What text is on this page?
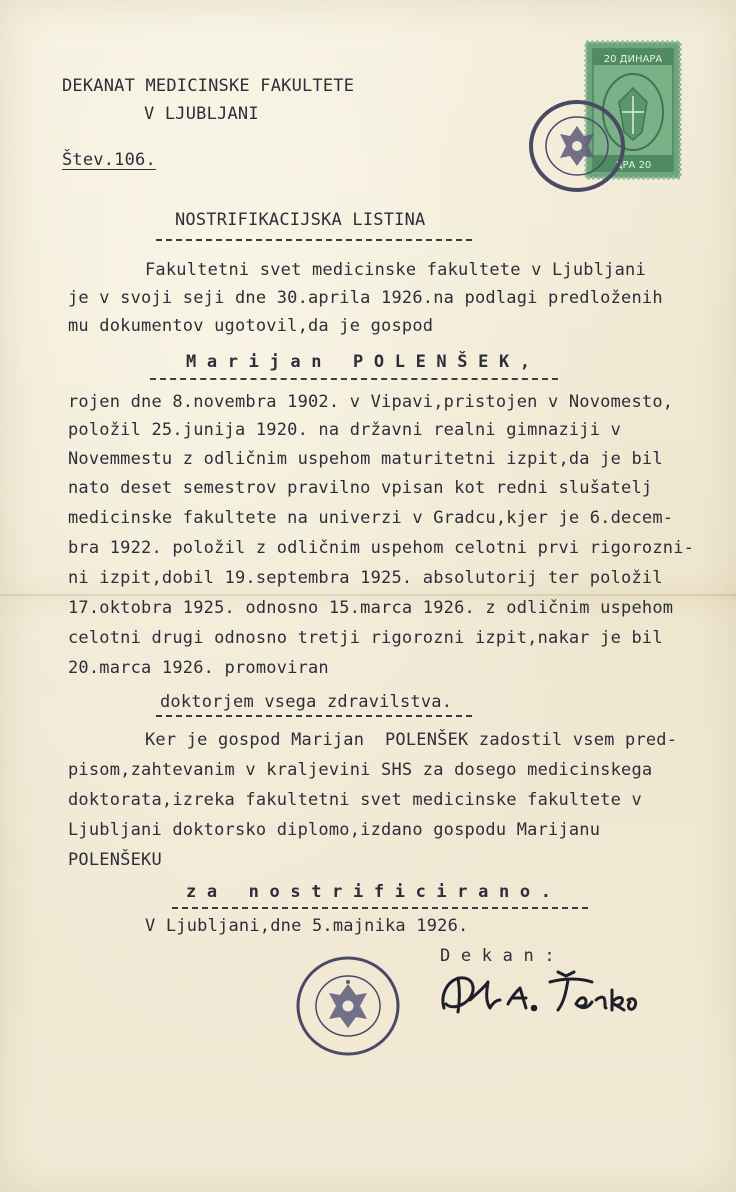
DEKANAT MEDICINSKE FAKULTETE
V LJUBLJANI
Štev.106.
20 ДИНАРА
ДРА 20
NOSTRIFIKACIJSKA LISTINA
Fakultetni svet medicinske fakultete v Ljubljani
je v svoji seji dne 30.aprila 1926.na podlagi predloženih
mu dokumentov ugotovil,da je gospod
M a r i j a n   P O L E N Š E K ,
rojen dne 8.novembra 1902. v Vipavi,pristojen v Novomesto,
položil 25.junija 1920. na državni realni gimnaziji v
Novemmestu z odličnim uspehom maturitetni izpit,da je bil
nato deset semestrov pravilno vpisan kot redni slušatelj
medicinske fakultete na univerzi v Gradcu,kjer je 6.decem-
bra 1922. položil z odličnim uspehom celotni prvi rigorozni-
ni izpit,dobil 19.septembra 1925. absolutorij ter položil
17.oktobra 1925. odnosno 15.marca 1926. z odličnim uspehom
celotni drugi odnosno tretji rigorozni izpit,nakar je bil
20.marca 1926. promoviran
doktorjem vsega zdravilstva.
Ker je gospod Marijan  POLENŠEK zadostil vsem pred-
pisom,zahtevanim v kraljevini SHS za dosego medicinskega
doktorata,izreka fakultetni svet medicinske fakultete v
Ljubljani doktorsko diplomo,izdano gospodu Marijanu
POLENŠEKU
z a   n o s t r i f i c i r a n o .
V Ljubljani,dne 5.majnika 1926.
D e k a n :
